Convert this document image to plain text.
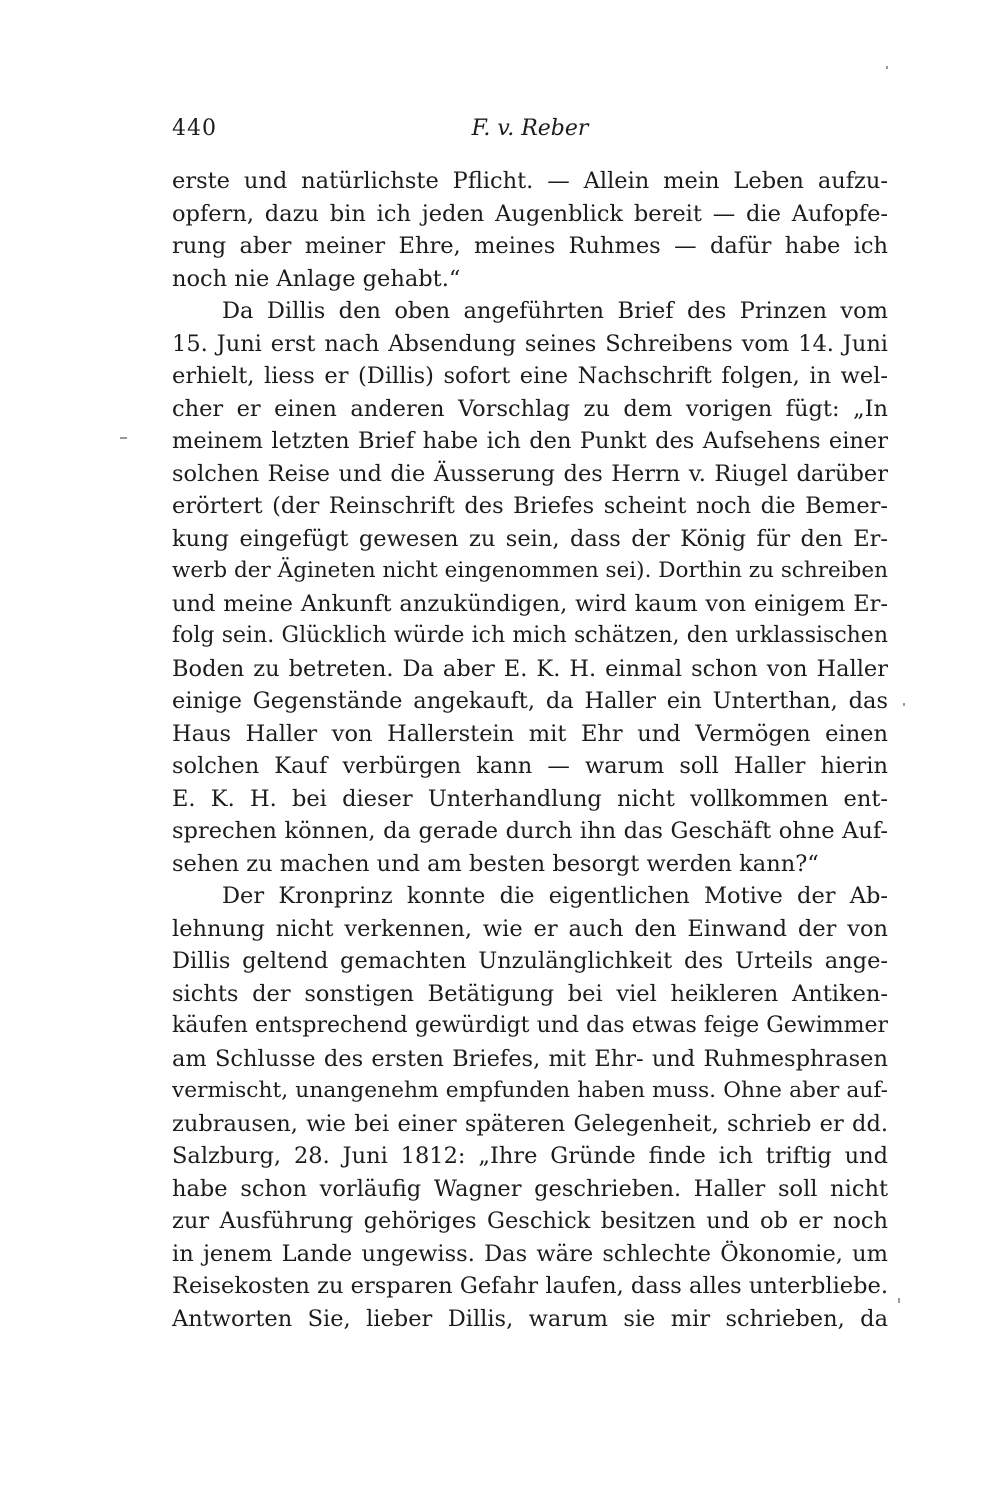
440	F. v. Reber
erste und natürlichste Pflicht. — Allein mein Leben aufzu-
opfern, dazu bin ich jeden Augenblick bereit — die Aufopfe-
rung aber meiner Ehre, meines Ruhmes — dafür habe ich
noch nie Anlage gehabt.“
Da Dillis den oben angeführten Brief des Prinzen vom
15. Juni erst nach Absendung seines Schreibens vom 14. Juni
erhielt, liess er (Dillis) sofort eine Nachschrift folgen, in wel-
cher er einen anderen Vorschlag zu dem vorigen fügt: „In
meinem letzten Brief habe ich den Punkt des Aufsehens einer
solchen Reise und die Äusserung des Herrn v. Riugel darüber
erörtert (der Reinschrift des Briefes scheint noch die Bemer-
kung eingefügt gewesen zu sein, dass der König für den Er-
werb der Ägineten nicht eingenommen sei). Dorthin zu schreiben
und meine Ankunft anzukündigen, wird kaum von einigem Er-
folg sein. Glücklich würde ich mich schätzen, den urklassischen
Boden zu betreten. Da aber E. K. H. einmal schon von Haller
einige Gegenstände angekauft, da Haller ein Unterthan, das
Haus Haller von Hallerstein mit Ehr und Vermögen einen
solchen Kauf verbürgen kann — warum soll Haller hierin
E. K. H. bei dieser Unterhandlung nicht vollkommen ent-
sprechen können, da gerade durch ihn das Geschäft ohne Auf-
sehen zu machen und am besten besorgt werden kann?“
Der Kronprinz konnte die eigentlichen Motive der Ab-
lehnung nicht verkennen, wie er auch den Einwand der von
Dillis geltend gemachten Unzulänglichkeit des Urteils ange-
sichts der sonstigen Betätigung bei viel heikleren Antiken-
käufen entsprechend gewürdigt und das etwas feige Gewimmer
am Schlusse des ersten Briefes, mit Ehr- und Ruhmesphrasen
vermischt, unangenehm empfunden haben muss. Ohne aber auf-
zubrausen, wie bei einer späteren Gelegenheit, schrieb er dd.
Salzburg, 28. Juni 1812: „Ihre Gründe finde ich triftig und
habe schon vorläufig Wagner geschrieben. Haller soll nicht
zur Ausführung gehöriges Geschick besitzen und ob er noch
in jenem Lande ungewiss. Das wäre schlechte Ökonomie, um
Reisekosten zu ersparen Gefahr laufen, dass alles unterbliebe.
Antworten Sie, lieber Dillis, warum sie mir schrieben, da
